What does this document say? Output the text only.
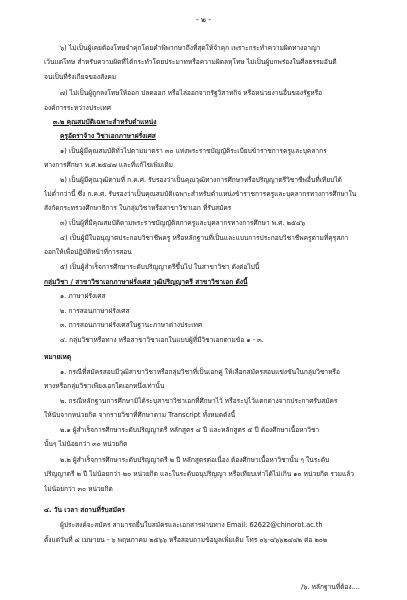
- ๒ -
๖) ไม่เป็นผู้เคยต้องโทษจำคุกโดยคำพิพากษาถึงที่สุดให้จำคุก เพราะกระทำความผิดทางอาญา
เว้นแต่โทษ สำหรับความผิดที่ได้กระทำโดยประมาทหรือความผิดลหุโทษ ไม่เป็นผู้บกพร่องในศีลธรรมอันดี
จนเป็นที่รังเกียจของสังคม
๗) ไม่เป็นผู้ถูกลงโทษให้ออก ปลดออก หรือไล่ออกจากรัฐวิสาหกิจ หรือหน่วยงานอื่นของรัฐหรือ
องค์การระหว่างประเทศ
๓.๒ คุณสมบัติเฉพาะสำหรับตำแหน่ง
ครูอัตราจ้าง วิชาเอกภาษาฝรั่งเศส
๑) เป็นผู้มีคุณสมบัติทั่วไปตามมาตรา ๓๐ แห่งพระราชบัญญัติระเบียบข้าราชการครูและบุคลากร
ทางการศึกษา พ.ศ.๒๕๔๗ และที่แก้ไขเพิ่มเติม
๒) เป็นผู้มีคุณวุฒิตามที่ ก.ค.ศ. รับรองว่าเป็นคุณวุฒิทางการศึกษาหรือปริญญาตรีวิชาชีพอื่นที่เทียบได้
ไม่ต่ำกว่านี้ ซึ่ง ก.ค.ศ. รับรองว่าเป็นคุณสมบัติเฉพาะสำหรับตำแหน่งข้าราชการครูและบุคลากรทางการศึกษาใน
สังกัดกระทรวงศึกษาธิการ ในกลุ่มวิชาหรือสาขาวิชาเอก ที่รับสมัคร
๓) เป็นผู้ที่มีคุณสมบัติตามพระราชบัญญัติสภาครูและบุคลากรทางการศึกษา พ.ศ. ๒๕๔๖
๔) เป็นผู้มีใบอนุญาตประกอบวิชาชีพครู หรือหลักฐานที่เป็นและแบบการประกอบวิชาชีพครูตามที่คุรุสภา
ออกให้เพื่อปฏิบัติหน้าที่การสอน
๕) เป็นผู้สำเร็จการศึกษาระดับปริญญาตรีขึ้นไป ในสาขาวิชา ดังต่อไปนี้
กลุ่มวิชา / สาขาวิชาเอกภาษาฝรั่งเศส วุฒิปริญญาตรี สาขาวิชาเอก ดังนี้
๑. ภาษาฝรั่งเศส
๒. การสอนภาษาฝรั่งเศส
๓. การสอนภาษาฝรั่งเศสในฐานะภาษาต่างประเทศ
๔. กลุ่มวิชาหรือทาง หรือสาขาวิชาเอกในแบบผู้ที่มีวิชาเอกตามข้อ ๑ - ๓.
หมายเหตุ
๑. กรณีที่สมัครสอบมีวุฒิสาขาวิชาหรือกลุ่มวิชาที่เป็นเอกคู่ ให้เลือกสมัครสอบแข่งขันในกลุ่มวิชาหรือ
ทางหรือกลุ่มวิชาเพียงเอกใดเอกหนึ่งเท่านั้น
๒. กรณีหลักฐานการศึกษามิได้ระบุสาขาวิชาเอกที่ศึกษาไว้ หรือระบุไว้แตกต่างจากประกาศรับสมัคร
ให้นับจากหน่วยกิต จากรายวิชาที่ศึกษาตาม Transcript ทั้งหมดดังนี้
๒.๑ ผู้สำเร็จการศึกษาระดับปริญญาตรี หลักสูตร ๔ ปี และหลักสูตร ๕ ปี ต้องศึกษาเนื้อหาวิชา
นั้นๆ ไม่น้อยกว่า ๓๐ หน่วยกิต
๒.๒ ผู้สำเร็จการศึกษาระดับปริญญาตรี ๒ ปี หลักสูตรต่อเนื่อง ต้องศึกษาเนื้อหาวิชานั้น ๆ ในระดับ
ปริญญาตรี ๒ ปี ไม่น้อยกว่า ๒๐ หน่วยกิต และในระดับอนุปริญญา หรือเทียบเท่าได้ไม่เกิน ๑๐ หน่วยกิต รวมแล้ว
ไม่น้อยกว่า ๓๐ หน่วยกิต
๔. วัน เวลา สถานที่รับสมัคร
ผู้ประสงค์จะสมัคร สามารถยื่นใบสมัครและเอกสารผ่านทาง Email: 62622@chinorot.ac.th
ตั้งแต่วันที่ ๔ เมษายน - ๖ พฤษภาคม ๒๕๖๖ หรือสอบถามข้อมูลเพิ่มเติม โทร ๐๖-๔๖๖๒๔๔๒ ต่อ ๒๐๒
/๖. หลักฐานที่ต้อง....
